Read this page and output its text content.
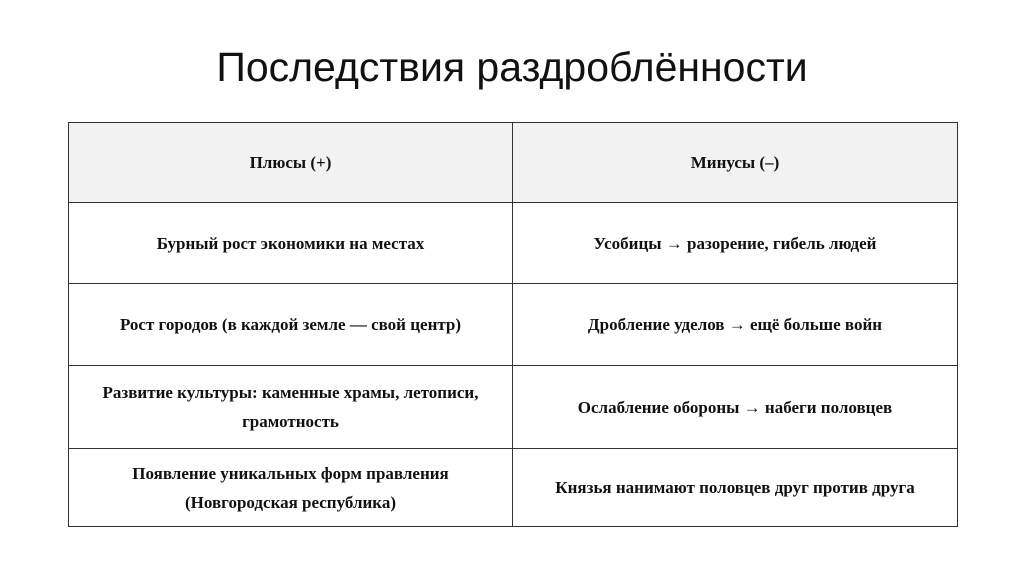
Последствия раздроблённости
Плюсы (+)	Минусы (–)
Бурный рост экономики на местах	Усобицы → разорение, гибель людей
Рост городов (в каждой земле — свой центр)	Дробление уделов → ещё больше войн
Развитие культуры: каменные храмы, летописи, грамотность	Ослабление обороны → набеги половцев
Появление уникальных форм правления (Новгородская республика)	Князья нанимают половцев друг против друга
